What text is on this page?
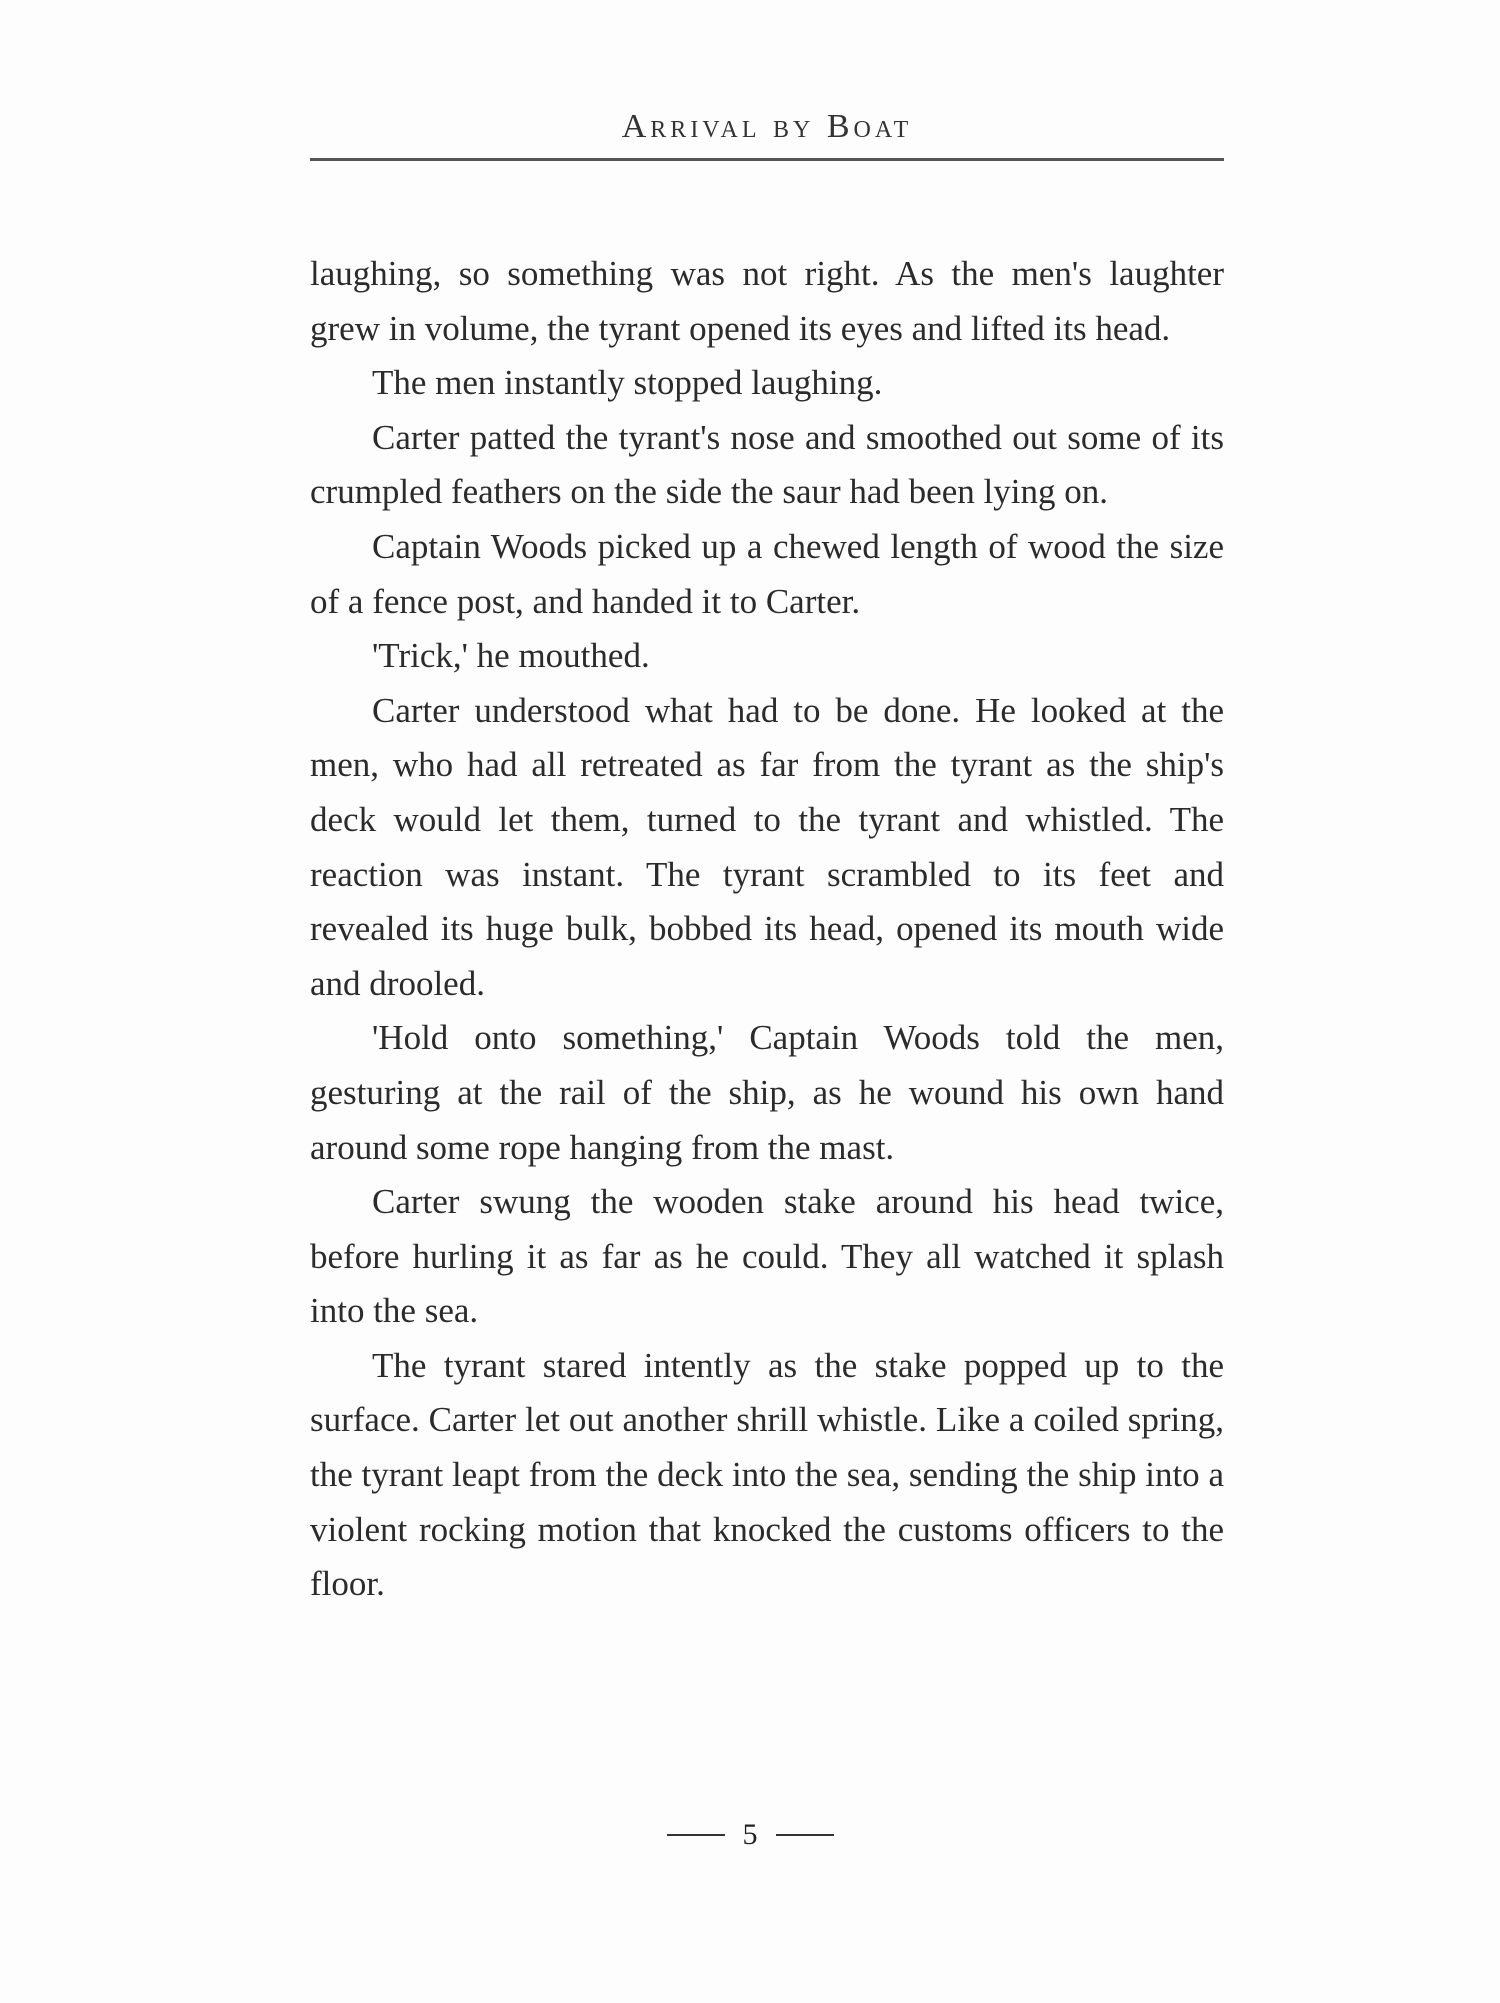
Arrival by Boat

laughing, so something was not right. As the men's laughter grew in volume, the tyrant opened its eyes and lifted its head.

The men instantly stopped laughing.

Carter patted the tyrant's nose and smoothed out some of its crumpled feathers on the side the saur had been lying on.

Captain Woods picked up a chewed length of wood the size of a fence post, and handed it to Carter.

'Trick,' he mouthed.

Carter understood what had to be done. He looked at the men, who had all retreated as far from the tyrant as the ship's deck would let them, turned to the tyrant and whistled. The reaction was instant. The tyrant scrambled to its feet and revealed its huge bulk, bobbed its head, opened its mouth wide and drooled.

'Hold onto something,' Captain Woods told the men, gesturing at the rail of the ship, as he wound his own hand around some rope hanging from the mast.

Carter swung the wooden stake around his head twice, before hurling it as far as he could. They all watched it splash into the sea.

The tyrant stared intently as the stake popped up to the surface. Carter let out another shrill whistle. Like a coiled spring, the tyrant leapt from the deck into the sea, sending the ship into a violent rocking motion that knocked the customs officers to the floor.

5
